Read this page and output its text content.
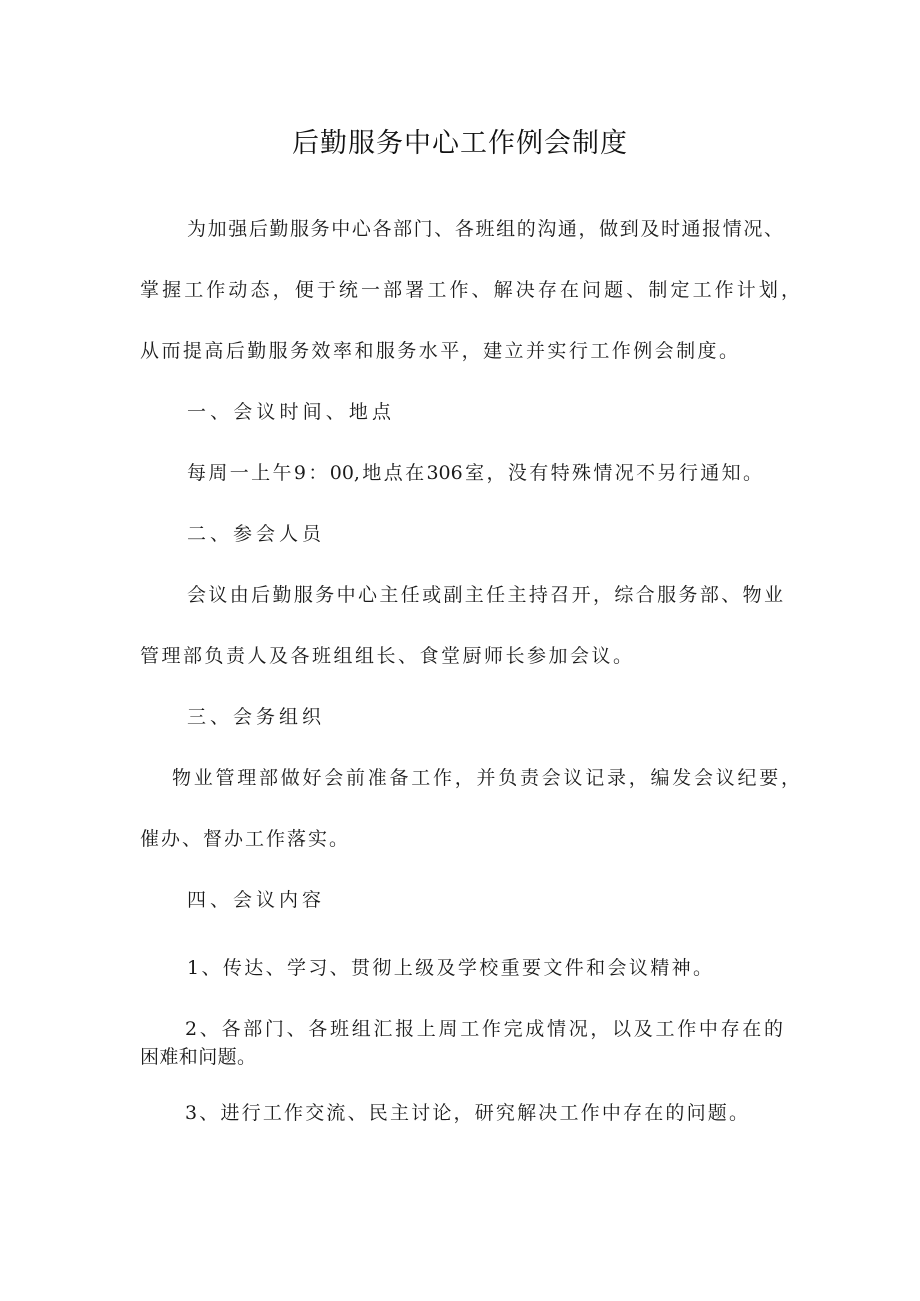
后勤服务中心工作例会制度
为加强后勤服务中心各部门、各班组的沟通，做到及时通报情况、
掌握工作动态，便于统一部署工作、解决存在问题、制定工作计划，
从而提高后勤服务效率和服务水平，建立并实行工作例会制度。
一、会议时间、地点
每周一上午9：00,地点在306室，没有特殊情况不另行通知。
二、参会人员
会议由后勤服务中心主任或副主任主持召开，综合服务部、物业
管理部负责人及各班组组长、食堂厨师长参加会议。
三、会务组织
物业管理部做好会前准备工作，并负责会议记录，编发会议纪要，
催办、督办工作落实。
四、会议内容
1、传达、学习、贯彻上级及学校重要文件和会议精神。
2、各部门、各班组汇报上周工作完成情况，以及工作中存在的
困难和问题。
3、进行工作交流、民主讨论，研究解决工作中存在的问题。
